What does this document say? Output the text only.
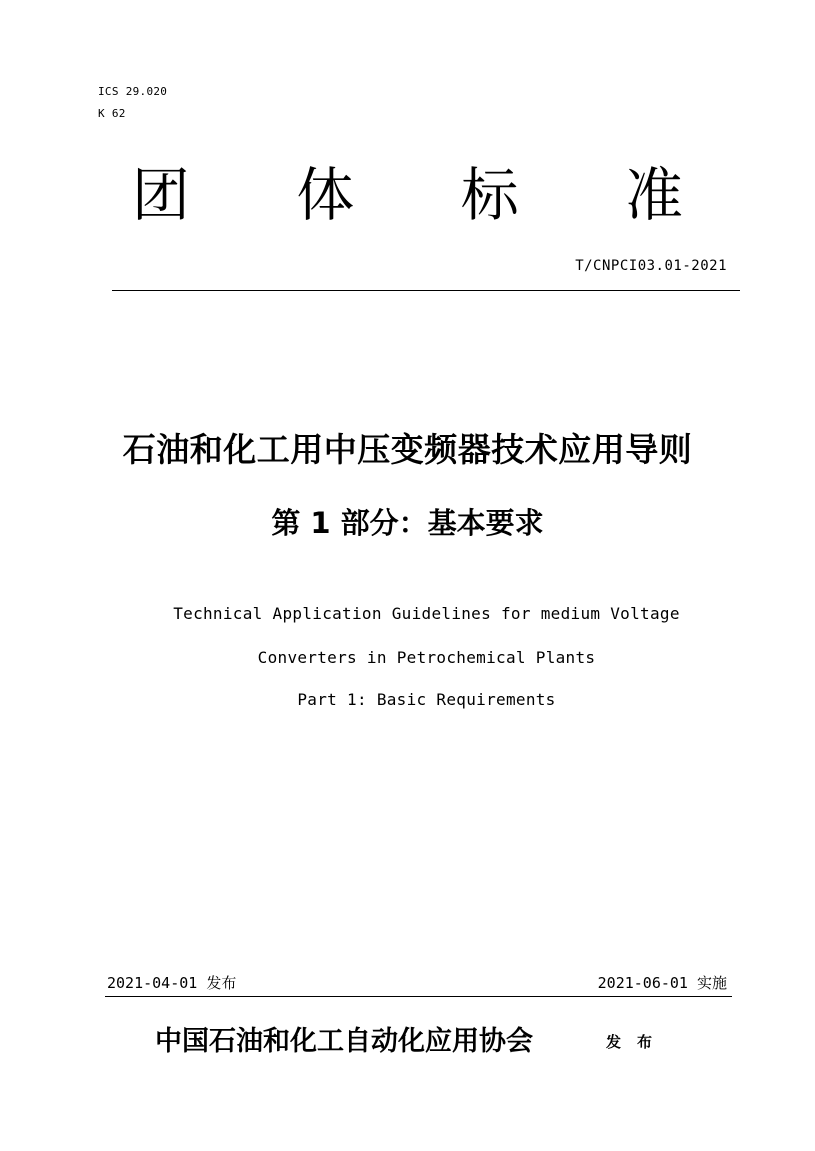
ICS 29.020
K 62
团 体 标 准
T/CNPCI03.01-2021
石油和化工用中压变频器技术应用导则
第 1 部分：基本要求
Technical Application Guidelines for medium Voltage
Converters in Petrochemical Plants
Part 1: Basic Requirements
2021-04-01 发布	2021-06-01 实施
中国石油和化工自动化应用协会	发布
